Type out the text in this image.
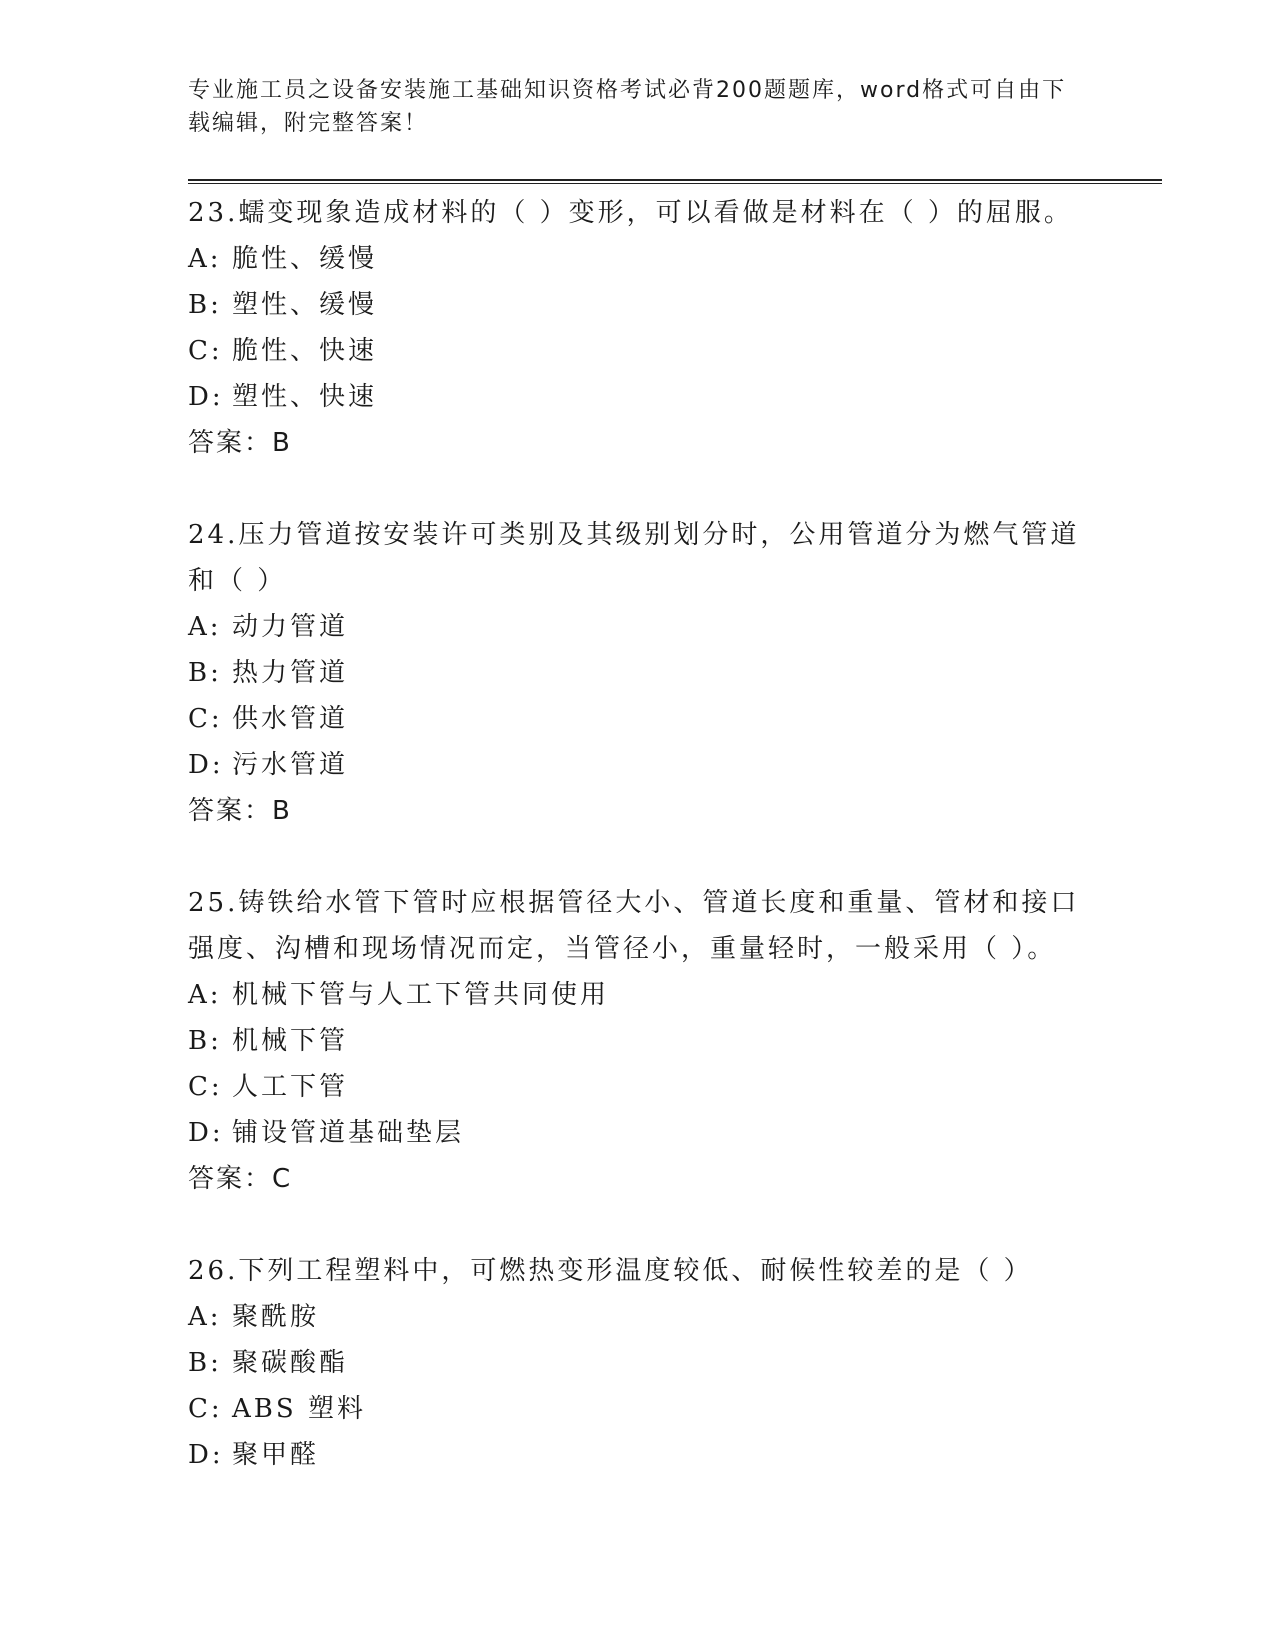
专业施工员之设备安装施工基础知识资格考试必背200题题库，word格式可自由下载编辑，附完整答案！
23.蠕变现象造成材料的（ ）变形，可以看做是材料在（ ）的屈服。
A: 脆性、缓慢
B: 塑性、缓慢
C: 脆性、快速
D: 塑性、快速
答案：B
24.压力管道按安装许可类别及其级别划分时，公用管道分为燃气管道和（ ）
A: 动力管道
B: 热力管道
C: 供水管道
D: 污水管道
答案：B
25.铸铁给水管下管时应根据管径大小、管道长度和重量、管材和接口强度、沟槽和现场情况而定，当管径小，重量轻时，一般采用（ ）。
A: 机械下管与人工下管共同使用
B: 机械下管
C: 人工下管
D: 铺设管道基础垫层
答案：C
26.下列工程塑料中，可燃热变形温度较低、耐候性较差的是（ ）
A: 聚酰胺
B: 聚碳酸酯
C: ABS 塑料
D: 聚甲醛
